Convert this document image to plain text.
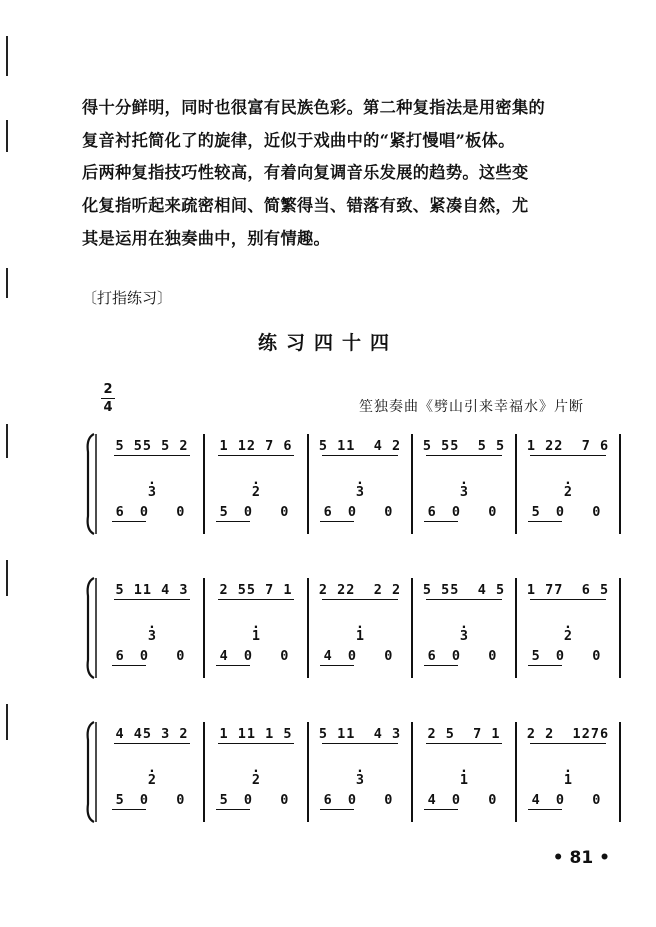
得十分鲜明，同时也很富有民族色彩。第二种复指法是用密集的

复音衬托简化了的旋律，近似于戏曲中的“紧打慢唱”板体。

后两种复指技巧性较高，有着向复调音乐发展的趋势。这些变

化复指听起来疏密相间、简繁得当、错落有致、紧凑自然，尤

其是运用在独奏曲中，别有情趣。

〔打指练习〕
练习四十四
2
4	笙独奏曲《劈山引来幸福水》片断
5 55 5 2
. 3
6 0  0
1 12 7 6
. 2
5 0  0
5 11  4 2
. 3
6 0  0
5 55  5 5
. 3
6 0  0
1 22  7 6
. 2
5 0  0
5 11 4 3
. 3
6 0  0
2 55 7 1
. 1
4 0  0
2 22  2 2
. 1
4 0  0
5 55  4 5
. 3
6 0  0
1 77  6 5
. 2
5 0  0
4 45 3 2
. 2
5 0  0
1 11 1 5
. 2
5 0  0
5 11  4 3
. 3
6 0  0
2 5  7 1
. 1
4 0  0
2 2  1276
. 1
4 0  0
• 81 •
